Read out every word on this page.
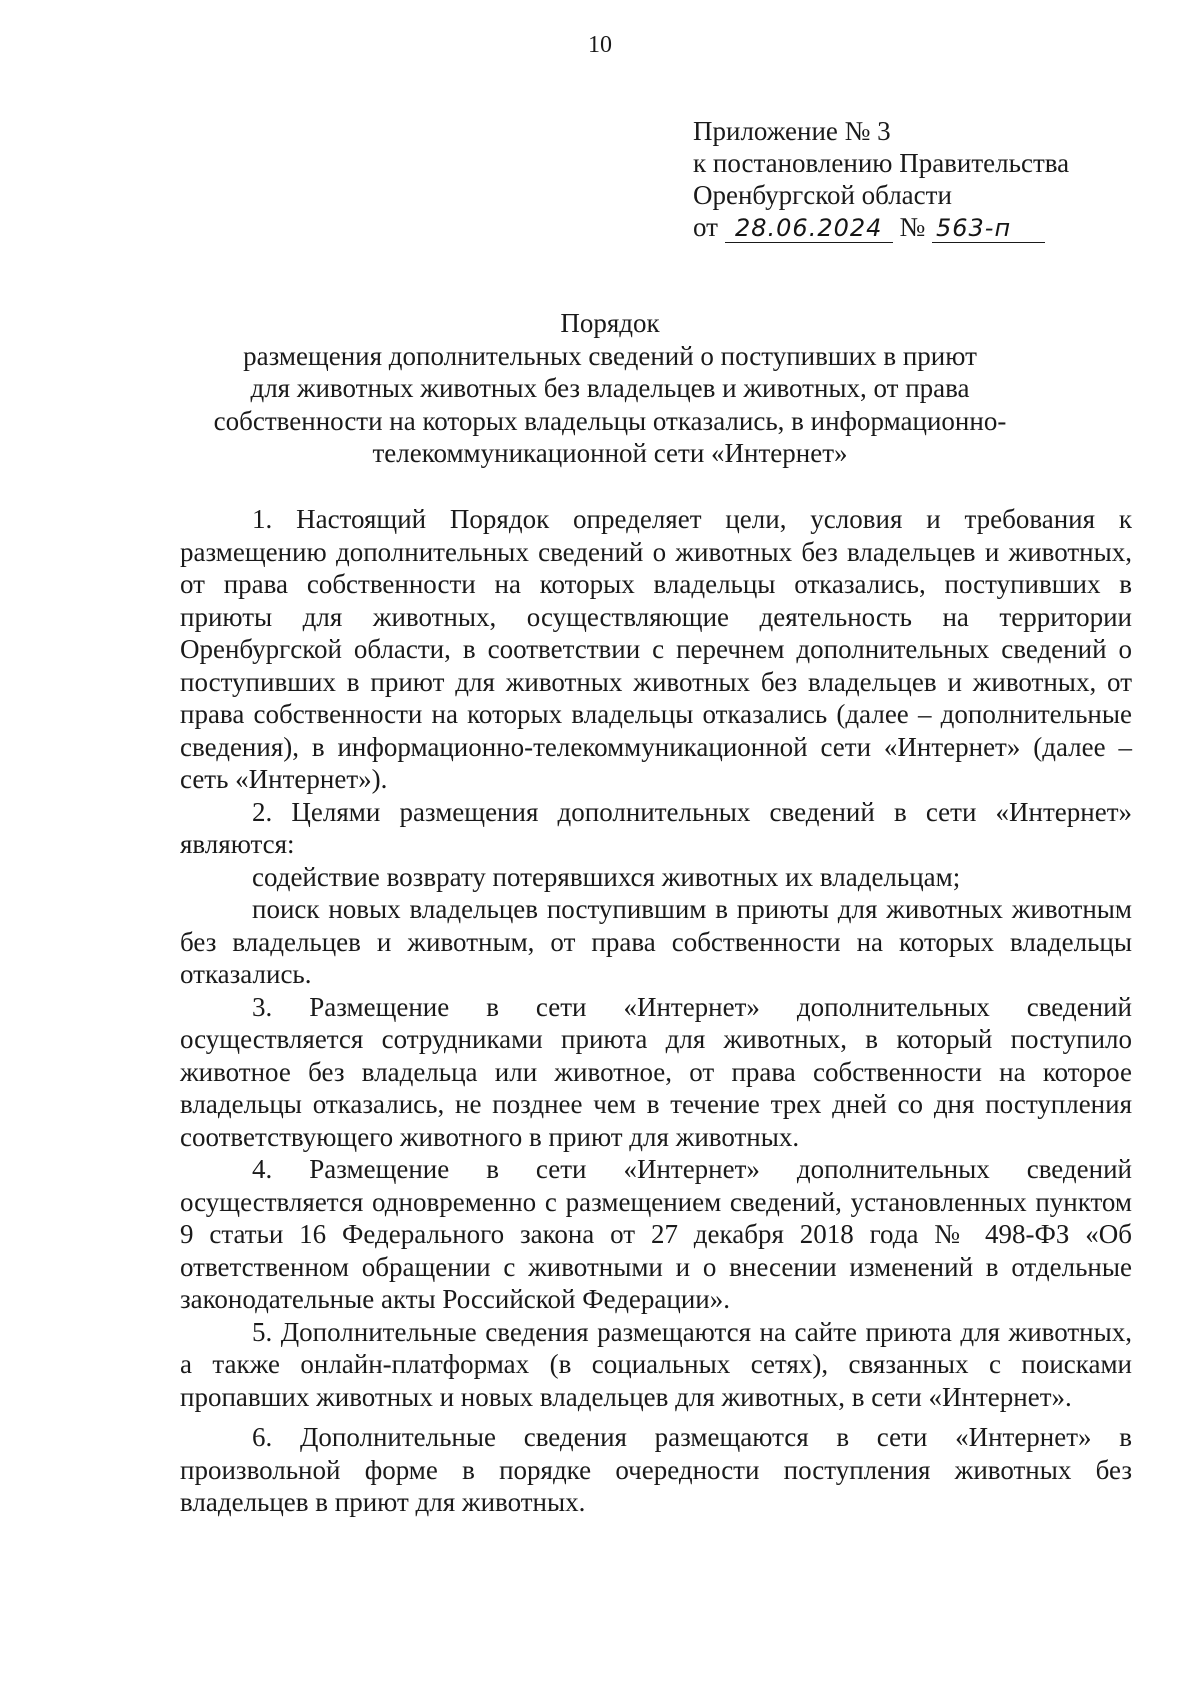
10
Приложение № 3
к постановлению Правительства
Оренбургской области
от 28.06.2024 № 563-п
Порядок
размещения дополнительных сведений о поступивших в приют
для животных животных без владельцев и животных, от права
собственности на которых владельцы отказались, в информационно-
телекоммуникационной сети «Интернет»

1. Настоящий Порядок определяет цели, условия и требования к размещению дополнительных сведений о животных без владельцев и животных, от права собственности на которых владельцы отказались, поступивших в приюты для животных, осуществляющие деятельность на территории Оренбургской области, в соответствии с перечнем дополнительных сведений о поступивших в приют для животных животных без владельцев и животных, от права собственности на которых владельцы отказались (далее – дополнительные сведения), в информационно-телекоммуникационной сети «Интернет» (далее – сеть «Интернет»).

2. Целями размещения дополнительных сведений в сети «Интернет» являются:

содействие возврату потерявшихся животных их владельцам;

поиск новых владельцев поступившим в приюты для животных животным без владельцев и животным, от права собственности на которых владельцы отказались.

3. Размещение в сети «Интернет» дополнительных сведений осуществляется сотрудниками приюта для животных, в который поступило животное без владельца или животное, от права собственности на которое владельцы отказались, не позднее чем в течение трех дней со дня поступления соответствующего животного в приют для животных.

4. Размещение в сети «Интернет» дополнительных сведений осуществляется одновременно с размещением сведений, установленных пунктом 9 статьи 16 Федерального закона от 27 декабря 2018 года № 498-ФЗ «Об ответственном обращении с животными и о внесении изменений в отдельные законодательные акты Российской Федерации».

5. Дополнительные сведения размещаются на сайте приюта для животных, а также онлайн-платформах (в социальных сетях), связанных с поисками пропавших животных и новых владельцев для животных, в сети «Интернет».

6. Дополнительные сведения размещаются в сети «Интернет» в произвольной форме в порядке очередности поступления животных без владельцев в приют для животных.
